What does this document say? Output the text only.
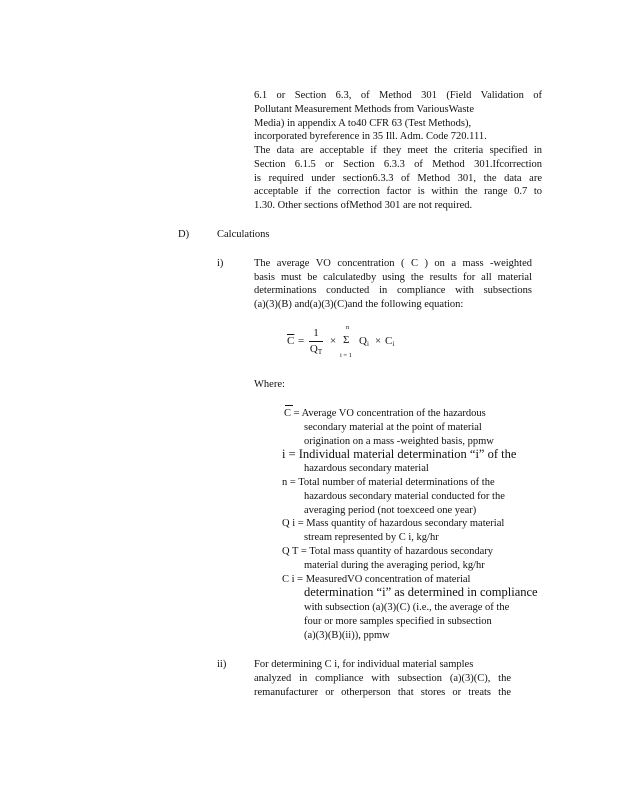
6.1 or Section 6.3, of Method 301 (Field Validation of
Pollutant Measurement Methods from VariousWaste
Media) in appendix A to40 CFR 63 (Test Methods),
incorporated byreference in 35 Ill. Adm. Code 720.111.
The data are acceptable if they meet the criteria specified in
Section 6.1.5 or Section 6.3.3 of Method 301.Ifcorrection
is required under section6.3.3 of Method 301, the data are
acceptable if the correction factor is within the range 0.7 to
1.30. Other sections ofMethod 301 are not required.
D)	Calculations
i)	The average VO concentration ( C ) on a mass -weighted
basis must be calculatedby using the results for all material
determinations conducted in compliance with subsections
(a)(3)(B) and(a)(3)(C)and the following equation:
$\overline{C}$ =
1
$Q_T$
×
n
Σ
i = 1
$Q_i \times C_i$
Where:
C = Average VO concentration of the hazardous
secondary material at the point of material
origination on a mass -weighted basis, ppmw
i = Individual material determination “i” of the
hazardous secondary material
n = Total number of material determinations of the
hazardous secondary material conducted for the
averaging period (not toexceed one year)
Q i = Mass quantity of hazardous secondary material
stream represented by C i, kg/hr
Q T = Total mass quantity of hazardous secondary
material during the averaging period, kg/hr
C i = MeasuredVO concentration of material
determination “i” as determined in compliance
with subsection (a)(3)(C) (i.e., the average of the
four or more samples specified in subsection
(a)(3)(B)(ii)), ppmw
ii)	For determining C i, for individual material samples
analyzed in compliance with subsection (a)(3)(C), the
remanufacturer or otherperson that stores or treats the
